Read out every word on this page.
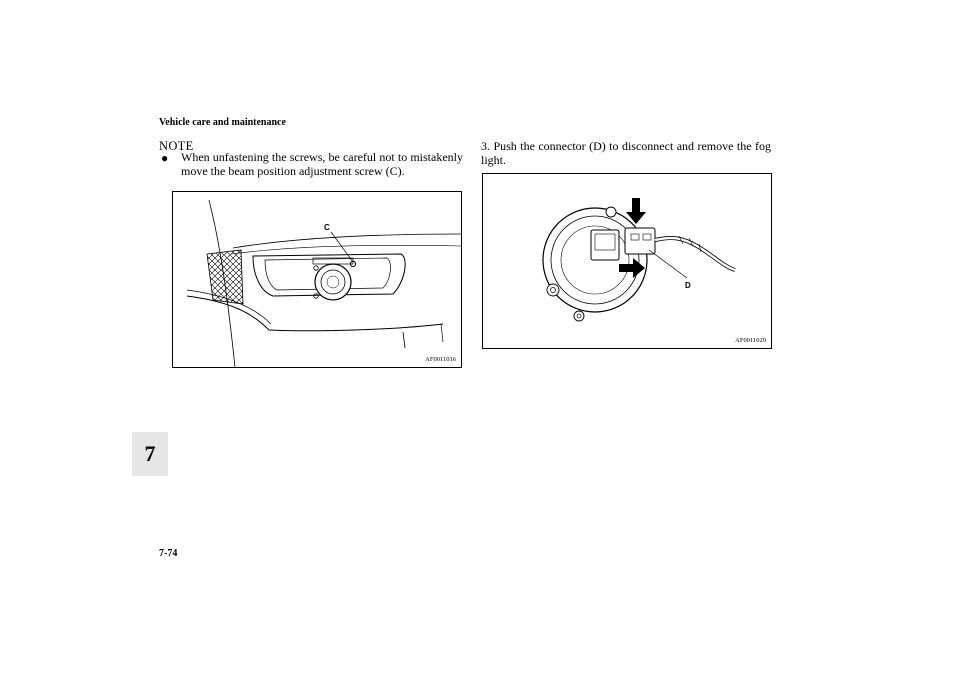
Vehicle care and maintenance
NOTE
● When unfastening the screws, be careful not to mistakenly move the beam position adjustment screw (C).
C
AF0011016
3. Push the connector (D) to disconnect and remove the fog light.
D
AF0011029
7
7-74
